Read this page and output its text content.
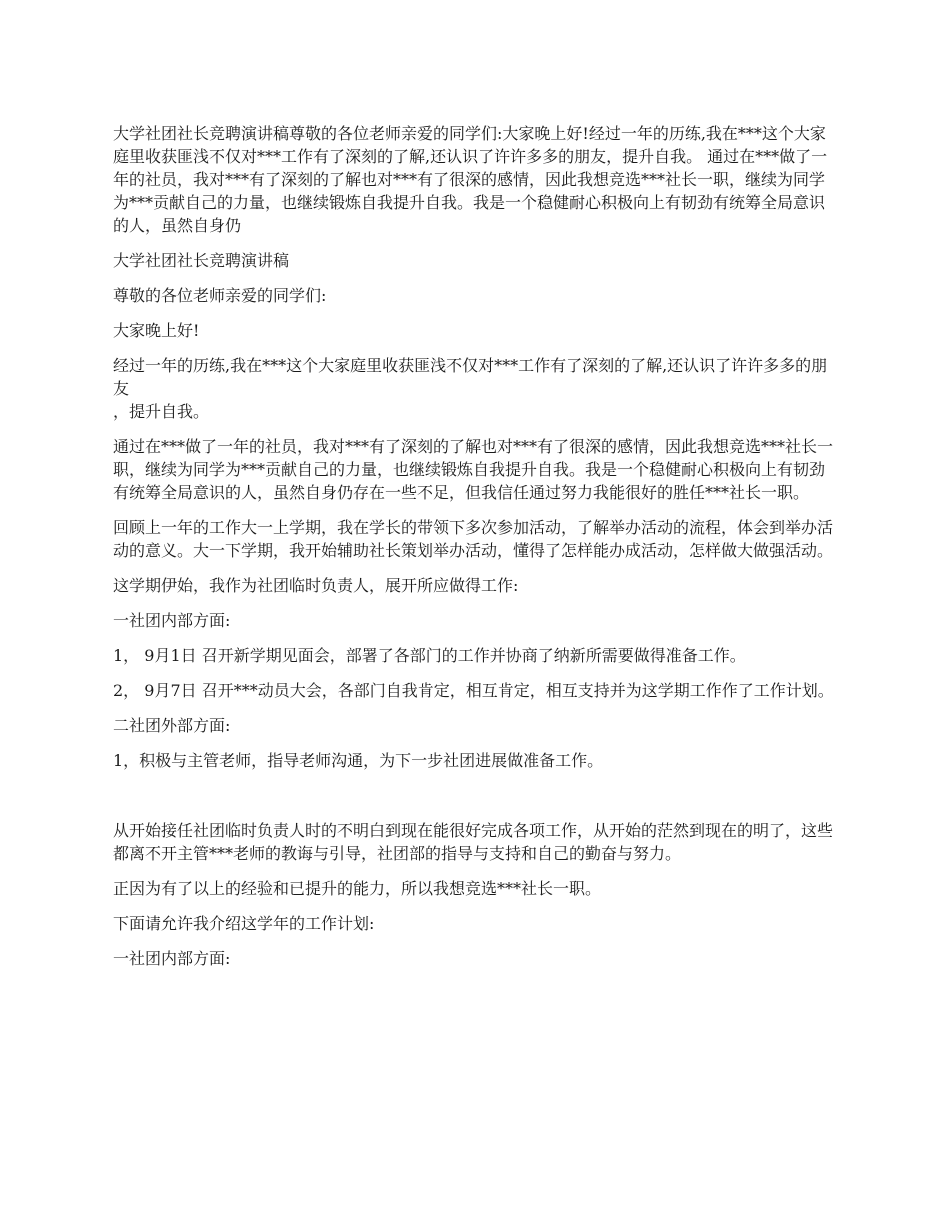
大学社团社长竞聘演讲稿尊敬的各位老师亲爱的同学们:大家晚上好!经过一年的历练,我在***这个大家庭里收获匪浅不仅对***工作有了深刻的了解,还认识了许许多多的朋友，提升自我。 通过在***做了一年的社员，我对***有了深刻的了解也对***有了很深的感情，因此我想竞选***社长一职，继续为同学为***贡献自己的力量，也继续锻炼自我提升自我。我是一个稳健耐心积极向上有韧劲有统筹全局意识的人，虽然自身仍

大学社团社长竞聘演讲稿

尊敬的各位老师亲爱的同学们:

大家晚上好!

经过一年的历练,我在***这个大家庭里收获匪浅不仅对***工作有了深刻的了解,还认识了许许多多的朋友
，提升自我。

通过在***做了一年的社员，我对***有了深刻的了解也对***有了很深的感情，因此我想竞选***社长一职，继续为同学为***贡献自己的力量，也继续锻炼自我提升自我。我是一个稳健耐心积极向上有韧劲有统筹全局意识的人，虽然自身仍存在一些不足，但我信任通过努力我能很好的胜任***社长一职。

回顾上一年的工作大一上学期，我在学长的带领下多次参加活动，了解举办活动的流程，体会到举办活动的意义。大一下学期，我开始辅助社长策划举办活动，懂得了怎样能办成活动，怎样做大做强活动。

这学期伊始，我作为社团临时负责人，展开所应做得工作:

一社团内部方面:

1， 9月1日 召开新学期见面会，部署了各部门的工作并协商了纳新所需要做得准备工作。

2， 9月7日 召开***动员大会，各部门自我肯定，相互肯定，相互支持并为这学期工作作了工作计划。

二社团外部方面:

1，积极与主管老师，指导老师沟通，为下一步社团进展做准备工作。

从开始接任社团临时负责人时的不明白到现在能很好完成各项工作，从开始的茫然到现在的明了，这些都离不开主管***老师的教诲与引导，社团部的指导与支持和自己的勤奋与努力。

正因为有了以上的经验和已提升的能力，所以我想竞选***社长一职。

下面请允许我介绍这学年的工作计划:

一社团内部方面:
